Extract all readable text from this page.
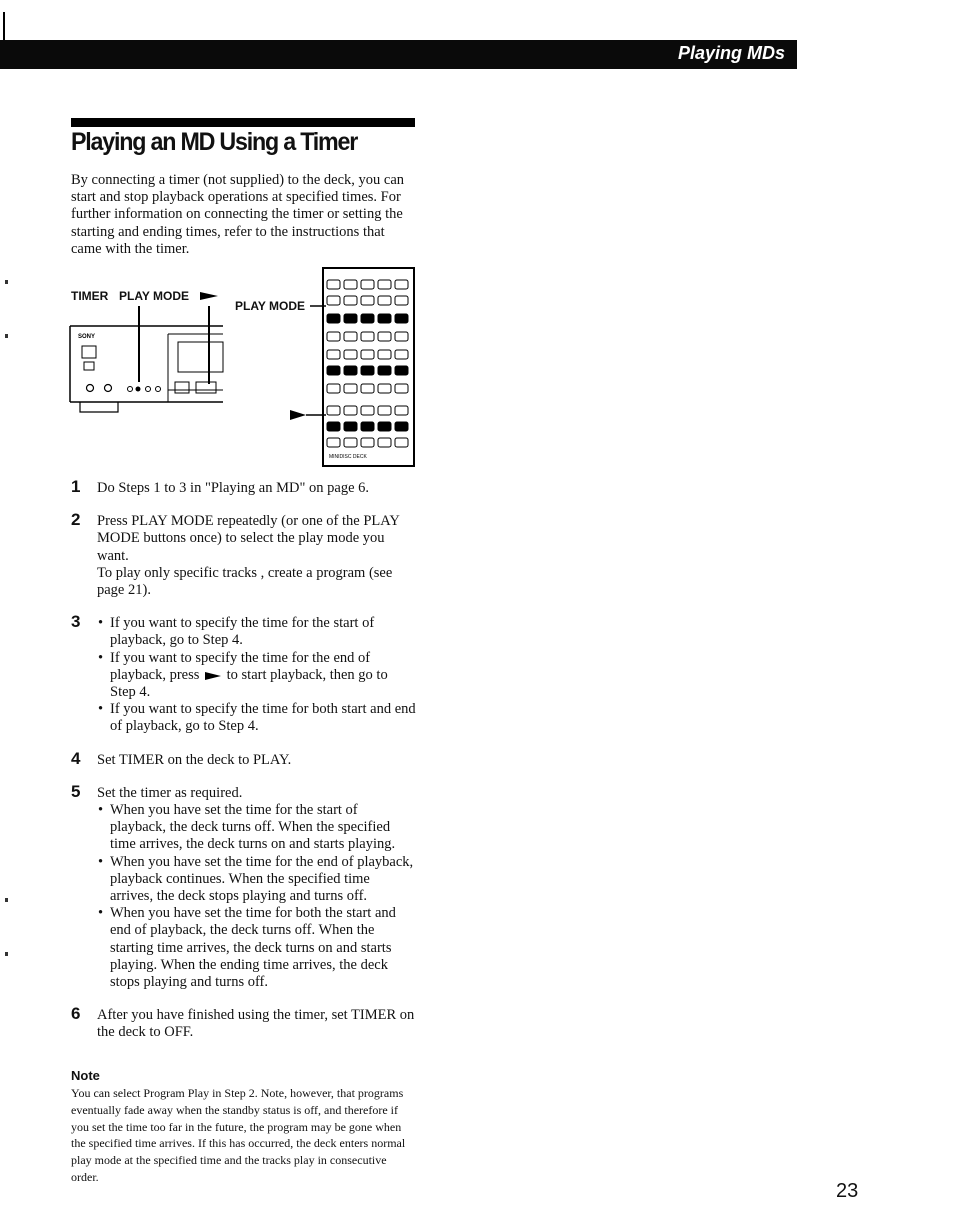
Playing MDs
Playing an MD Using a Timer
By connecting a timer (not supplied) to the deck, you can start and stop playback operations at specified times. For further information on connecting the timer or setting the starting and ending times, refer to the instructions that came with the timer.
TIMER PLAY MODE
SONY
PLAY MODE
MINIDISC DECK
1 Do Steps 1 to 3 in "Playing an MD" on page 6.

2 Press PLAY MODE repeatedly (or one of the PLAY MODE buttons once) to select the play mode you want.

To play only specific tracks , create a program (see page 21).

3
•	If you want to specify the time for the start of playback, go to Step 4.
• If you want to specify the time for the end of playback, press to start playback, then go to Step 4.
• If you want to specify the time for both start and end of playback, go to Step 4.
4 Set TIMER on the deck to PLAY.

5 Set the timer as required.

• When you have set the time for the start of playback, the deck turns off. When the specified time arrives, the deck turns on and starts playing.
• When you have set the time for the end of playback, playback continues. When the specified time arrives, the deck stops playing and turns off.
• When you have set the time for both the start and end of playback, the deck turns off. When the starting time arrives, the deck turns on and starts playing. When the ending time arrives, the deck stops playing and turns off.
6 After you have finished using the timer, set TIMER on the deck to OFF.

Note
You can select Program Play in Step 2. Note, however, that programs eventually fade away when the standby status is off, and therefore if you set the time too far in the future, the program may be gone when the specified time arrives. If this has occurred, the deck enters normal play mode at the specified time and the tracks play in consecutive order.
23
